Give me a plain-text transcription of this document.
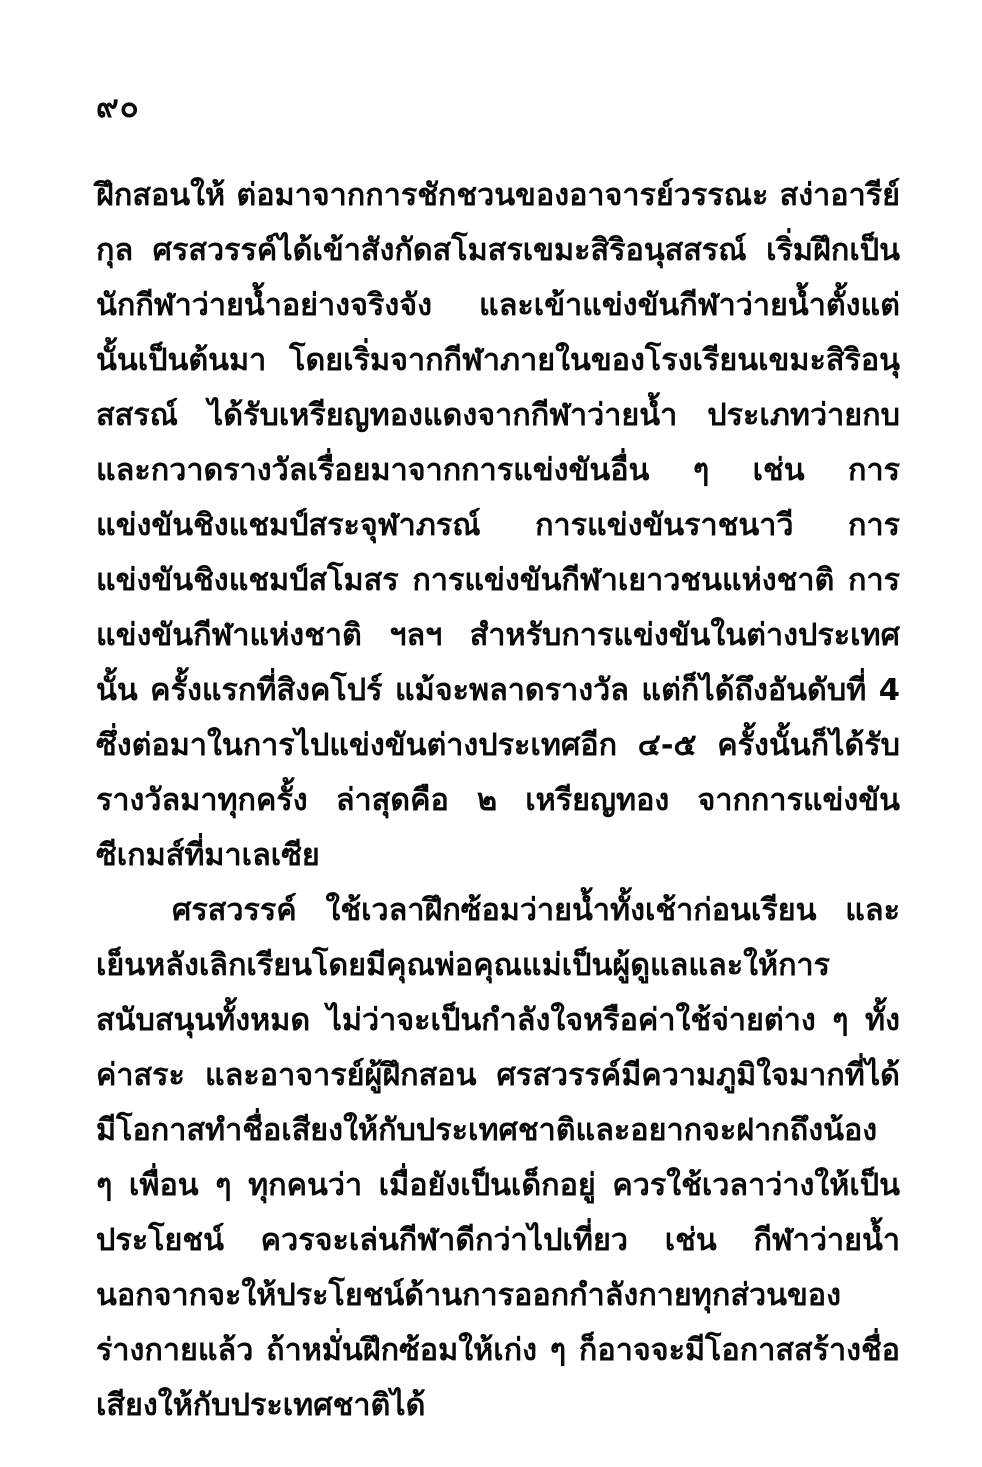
๙๐

ฝึกสอนให้ ต่อมาจากการชักชวนของอาจารย์วรรณะ สง่าอารีย์กุล ศรสวรรค์ได้เข้าสังกัดสโมสรเขมะสิริอนุสสรณ์ เริ่มฝึกเป็นนักกีฬาว่ายน้ำอย่างจริงจัง และเข้าแข่งขันกีฬาว่ายน้ำตั้งแต่นั้นเป็นต้นมา โดยเริ่มจากกีฬาภายในของโรงเรียนเขมะสิริอนุสสรณ์ ได้รับเหรียญทองแดงจากกีฬาว่ายน้ำ ประเภทว่ายกบ และกวาดรางวัลเรื่อยมาจากการแข่งขันอื่น ๆ เช่น การแข่งขันชิงแชมป์สระจุฬาภรณ์ การแข่งขันราชนาวี การแข่งขันชิงแชมป์สโมสร การแข่งขันกีฬาเยาวชนแห่งชาติ การแข่งขันกีฬาแห่งชาติ ฯลฯ สำหรับการแข่งขันในต่างประเทศนั้น ครั้งแรกที่สิงคโปร์ แม้จะพลาดรางวัล แต่ก็ได้ถึงอันดับที่ 4 ซึ่งต่อมาในการไปแข่งขันต่างประเทศอีก ๔-๕ ครั้งนั้นก็ได้รับรางวัลมาทุกครั้ง ล่าสุดคือ ๒ เหรียญทอง จากการแข่งขันซีเกมส์ที่มาเลเซีย

ศรสวรรค์ ใช้เวลาฝึกซ้อมว่ายน้ำทั้งเช้าก่อนเรียน และเย็นหลังเลิกเรียนโดยมีคุณพ่อคุณแม่เป็นผู้ดูแลและให้การสนับสนุนทั้งหมด ไม่ว่าจะเป็นกำลังใจหรือค่าใช้จ่ายต่าง ๆ ทั้งค่าสระ และอาจารย์ผู้ฝึกสอน ศรสวรรค์มีความภูมิใจมากที่ได้มีโอกาสทำชื่อเสียงให้กับประเทศชาติและอยากจะฝากถึงน้อง ๆ เพื่อน ๆ ทุกคนว่า เมื่อยังเป็นเด็กอยู่ ควรใช้เวลาว่างให้เป็นประโยชน์ ควรจะเล่นกีฬาดีกว่าไปเที่ยว เช่น กีฬาว่ายน้ำ นอกจากจะให้ประโยชน์ด้านการออกกำลังกายทุกส่วนของร่างกายแล้ว ถ้าหมั่นฝึกซ้อมให้เก่ง ๆ ก็อาจจะมีโอกาสสร้างชื่อเสียงให้กับประเทศชาติได้
